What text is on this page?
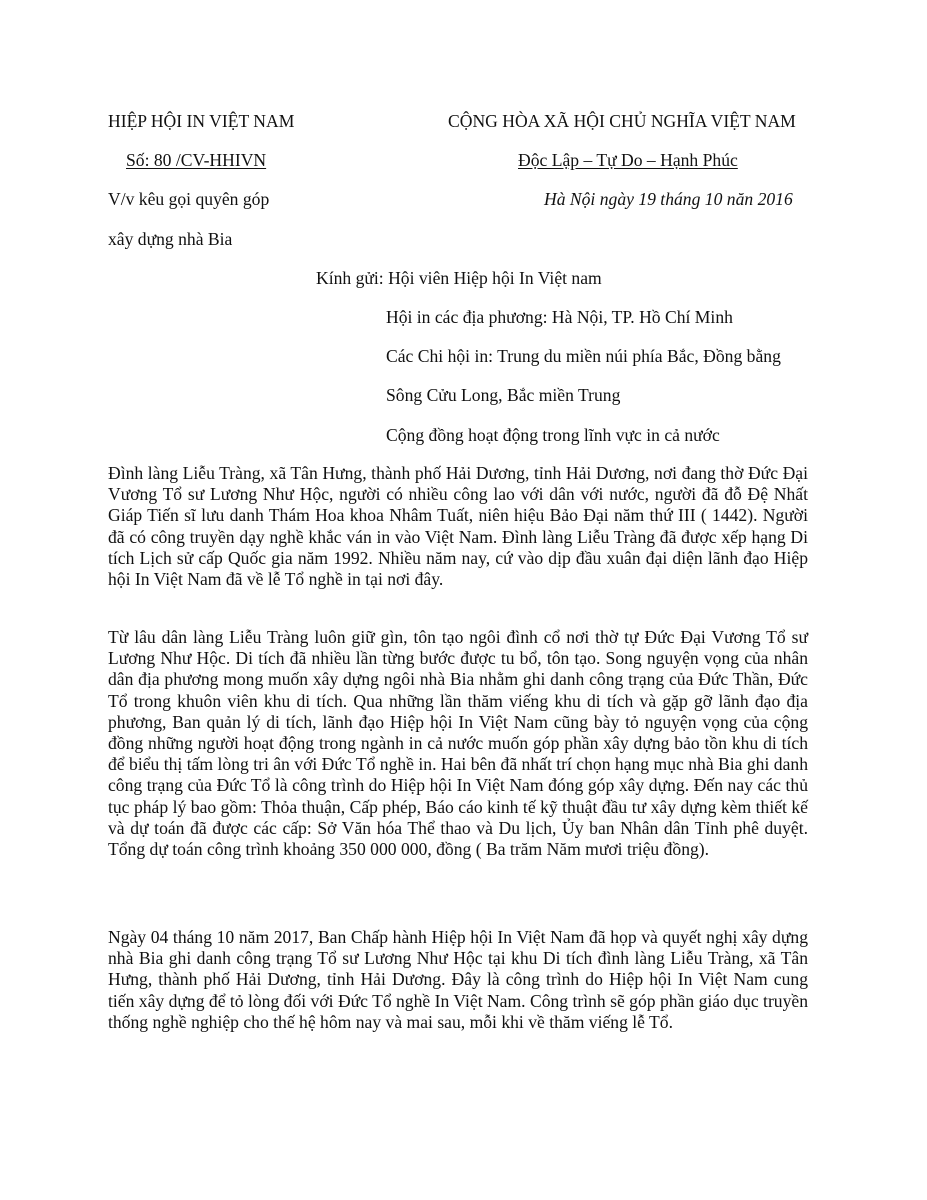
HIỆP HỘI IN VIỆT NAM
Số: 80 /CV-HHIVN
CỘNG HÒA XÃ HỘI CHỦ NGHĨA VIỆT NAM
Độc Lập – Tự Do – Hạnh Phúc
Hà Nội ngày 19 tháng 10 năn 2016
V/v kêu gọi quyên góp
xây dựng nhà Bia
Kính gửi: Hội viên Hiệp hội In Việt nam
Hội in các địa phương: Hà Nội, TP. Hồ Chí Minh
Các Chi hội in: Trung du miền núi phía Bắc, Đồng bằng
Sông Cửu Long, Bắc miền Trung
Cộng đồng hoạt động trong lĩnh vực in cả nước

Đình làng Liễu Tràng, xã Tân Hưng, thành phố Hải Dương, tỉnh Hải Dương, nơi đang thờ Đức Đại Vương Tổ sư Lương Như Hộc, người có nhiều công lao với dân với nước, người đã đỗ Đệ Nhất Giáp Tiến sĩ lưu danh Thám Hoa khoa Nhâm Tuất, niên hiệu Bảo Đại năm thứ III ( 1442). Người đã có công truyền dạy nghề khắc ván in vào Việt Nam. Đình làng Liễu Tràng đã được xếp hạng Di tích Lịch sử cấp Quốc gia năm 1992. Nhiều năm nay, cứ vào dịp đầu xuân đại diện lãnh đạo Hiệp hội In Việt Nam đã về lễ Tổ nghề in tại nơi đây.

Từ lâu dân làng Liễu Tràng luôn giữ gìn, tôn tạo ngôi đình cổ nơi thờ tự Đức Đại Vương Tổ sư Lương Như Hộc. Di tích đã nhiều lần từng bước được tu bổ, tôn tạo. Song nguyện vọng của nhân dân địa phương mong muốn xây dựng ngôi nhà Bia nhằm ghi danh công trạng của Đức Thần, Đức Tổ trong khuôn viên khu di tích. Qua những lần thăm viếng khu di tích và gặp gỡ lãnh đạo địa phương, Ban quản lý di tích, lãnh đạo Hiệp hội In Việt Nam cũng bày tỏ nguyện vọng của cộng đồng những người hoạt động trong ngành in cả nước muốn góp phần xây dựng bảo tồn khu di tích để biểu thị tấm lòng tri ân với Đức Tổ nghề in. Hai bên đã nhất trí chọn hạng mục nhà Bia ghi danh công trạng của Đức Tổ là công trình do Hiệp hội In Việt Nam đóng góp xây dựng. Đến nay các thủ tục pháp lý bao gồm: Thỏa thuận, Cấp phép, Báo cáo kinh tế kỹ thuật đầu tư xây dựng kèm thiết kế và dự toán đã được các cấp: Sở Văn hóa Thể thao và Du lịch, Ủy ban Nhân dân Tỉnh phê duyệt. Tổng dự toán công trình khoảng 350 000 000, đồng ( Ba trăm Năm mươi triệu đồng).

Ngày 04 tháng 10 năm 2017, Ban Chấp hành Hiệp hội In Việt Nam đã họp và quyết nghị xây dựng nhà Bia ghi danh công trạng Tổ sư Lương Như Hộc tại khu Di tích đình làng Liễu Tràng, xã Tân Hưng, thành phố Hải Dương, tỉnh Hải Dương. Đây là công trình do Hiệp hội In Việt Nam cung tiến xây dựng để tỏ lòng đối với Đức Tổ nghề In Việt Nam. Công trình sẽ góp phần giáo dục truyền thống nghề nghiệp cho thế hệ hôm nay và mai sau, mỗi khi về thăm viếng lễ Tổ.
